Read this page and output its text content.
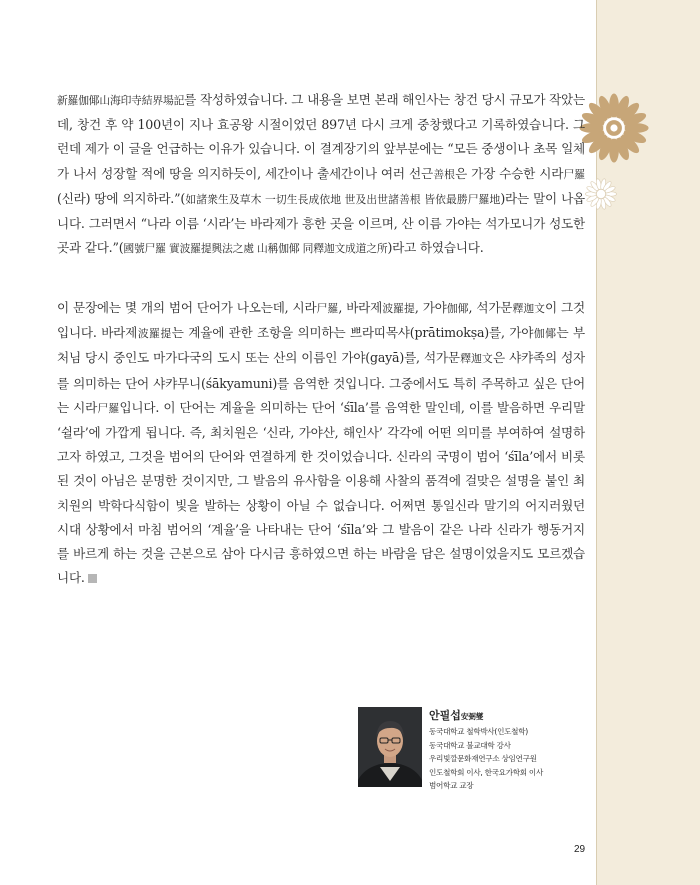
新羅伽倻山海印寺結界場記를 작성하였습니다. 그 내용을 보면 본래 해인사는 창건 당시 규모가 작았는데, 창건 후 약 100년이 지나 효공왕 시절이었던 897년 다시 크게 중창했다고 기록하였습니다. 그런데 제가 이 글을 언급하는 이유가 있습니다. 이 결계장기의 앞부분에는 “모든 중생이나 초목 일체가 나서 성장할 적에 땅을 의지하듯이, 세간이나 출세간이나 여러 선근善根은 가장 수승한 시라尸羅(신라) 땅에 의지하라.”(如諸衆生及草木 一切生長成依地 世及出世諸善根 皆依最勝尸羅地)라는 말이 나옵니다. 그러면서 “나라 이름 ‘시라’는 바라제가 흥한 곳을 이르며, 산 이름 가야는 석가모니가 성도한 곳과 같다.”(國號尸羅 實波羅提興法之處 山稱伽倻 同釋迦文成道之所)라고 하였습니다.

이 문장에는 몇 개의 범어 단어가 나오는데, 시라尸羅, 바라제波羅提, 가야伽倻, 석가문釋迦文이 그것입니다. 바라제波羅提는 계율에 관한 조항을 의미하는 쁘라띠목샤(prātimokṣa)를, 가야伽倻는 부처님 당시 중인도 마가다국의 도시 또는 산의 이름인 가야(gayā)를, 석가문釋迦文은 샤캬족의 성자를 의미하는 단어 샤캬무니(śākyamuni)를 음역한 것입니다. 그중에서도 특히 주목하고 싶은 단어는 시라尸羅입니다. 이 단어는 계율을 의미하는 단어 ‘śīla’를 음역한 말인데, 이를 발음하면 우리말 ‘쉴라’에 가깝게 됩니다. 즉, 최치원은 ‘신라, 가야산, 해인사’ 각각에 어떤 의미를 부여하여 설명하고자 하였고, 그것을 범어의 단어와 연결하게 한 것이었습니다. 신라의 국명이 범어 ‘śīla’에서 비롯된 것이 아님은 분명한 것이지만, 그 발음의 유사함을 이용해 사찰의 품격에 걸맞은 설명을 붙인 최치원의 박학다식함이 빛을 발하는 상황이 아닐 수 없습니다. 어쩌면 통일신라 말기의 어지러웠던 시대 상황에서 마침 범어의 ‘계율’을 나타내는 단어 ‘śīla’와 그 발음이 같은 나라 신라가 행동거지를 바르게 하는 것을 근본으로 삼아 다시금 흥하였으면 하는 바람을 담은 설명이었을지도 모르겠습니다.

안필섭安弼燮
동국대학교 철학박사(인도철학)
동국대학교 불교대학 강사
우리빛깔문화재연구소 상임연구원
인도철학회 이사, 한국요가학회 이사
범어학교 교장
29
